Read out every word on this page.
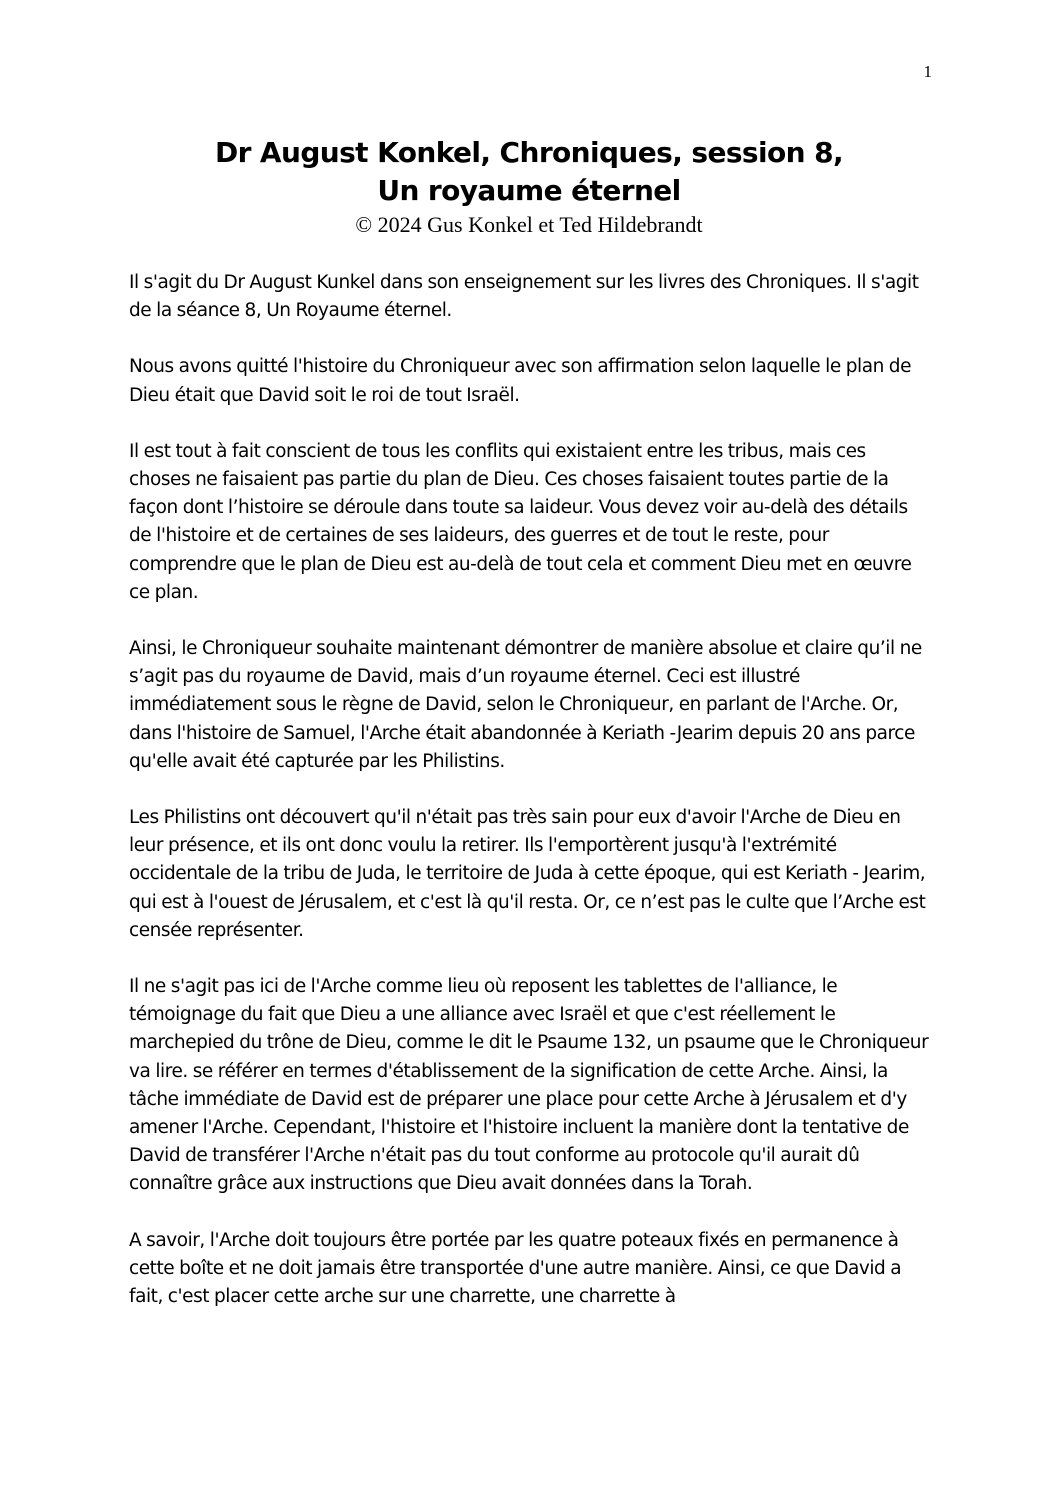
1
Dr August Konkel, Chroniques, session 8,
Un royaume éternel
© 2024 Gus Konkel et Ted Hildebrandt

Il s'agit du Dr August Kunkel dans son enseignement sur les livres des Chroniques. Il s'agit de la séance 8, Un Royaume éternel.

Nous avons quitté l'histoire du Chroniqueur avec son affirmation selon laquelle le plan de Dieu était que David soit le roi de tout Israël.

Il est tout à fait conscient de tous les conflits qui existaient entre les tribus, mais ces choses ne faisaient pas partie du plan de Dieu. Ces choses faisaient toutes partie de la façon dont l’histoire se déroule dans toute sa laideur. Vous devez voir au-delà des détails de l'histoire et de certaines de ses laideurs, des guerres et de tout le reste, pour comprendre que le plan de Dieu est au-delà de tout cela et comment Dieu met en œuvre ce plan.

Ainsi, le Chroniqueur souhaite maintenant démontrer de manière absolue et claire qu’il ne s’agit pas du royaume de David, mais d’un royaume éternel. Ceci est illustré immédiatement sous le règne de David, selon le Chroniqueur, en parlant de l'Arche. Or, dans l'histoire de Samuel, l'Arche était abandonnée à Keriath -Jearim depuis 20 ans parce qu'elle avait été capturée par les Philistins.

Les Philistins ont découvert qu'il n'était pas très sain pour eux d'avoir l'Arche de Dieu en leur présence, et ils ont donc voulu la retirer. Ils l'emportèrent jusqu'à l'extrémité occidentale de la tribu de Juda, le territoire de Juda à cette époque, qui est Keriath - Jearim, qui est à l'ouest de Jérusalem, et c'est là qu'il resta. Or, ce n’est pas le culte que l’Arche est censée représenter.

Il ne s'agit pas ici de l'Arche comme lieu où reposent les tablettes de l'alliance, le témoignage du fait que Dieu a une alliance avec Israël et que c'est réellement le marchepied du trône de Dieu, comme le dit le Psaume 132, un psaume que le Chroniqueur va lire. se référer en termes d'établissement de la signification de cette Arche. Ainsi, la tâche immédiate de David est de préparer une place pour cette Arche à Jérusalem et d'y amener l'Arche. Cependant, l'histoire et l'histoire incluent la manière dont la tentative de David de transférer l'Arche n'était pas du tout conforme au protocole qu'il aurait dû connaître grâce aux instructions que Dieu avait données dans la Torah.

A savoir, l'Arche doit toujours être portée par les quatre poteaux fixés en permanence à cette boîte et ne doit jamais être transportée d'une autre manière. Ainsi, ce que David a fait, c'est placer cette arche sur une charrette, une charrette à
